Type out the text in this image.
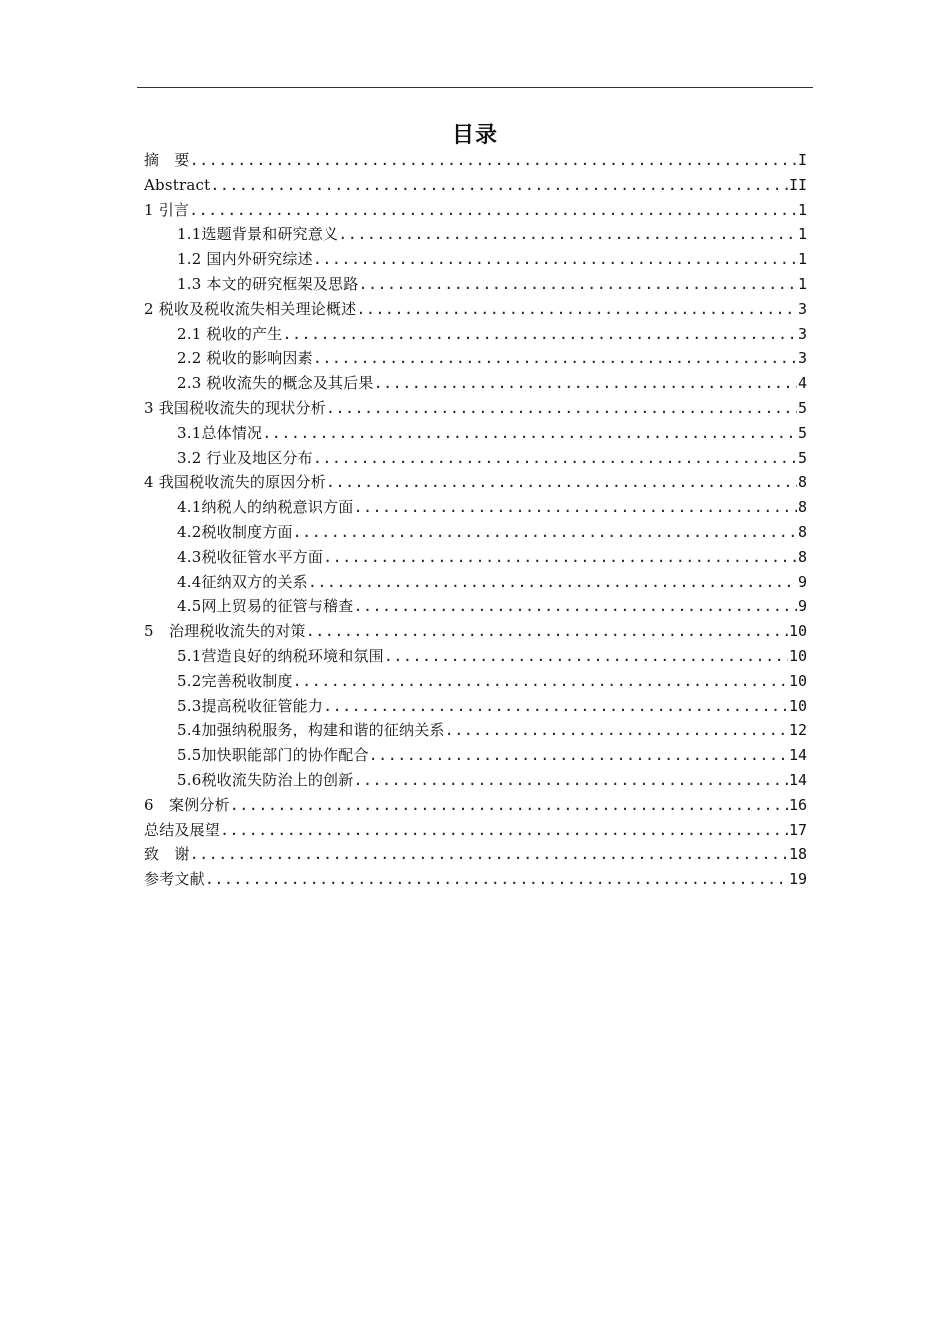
目录
摘　要 .....	I
Abstract .....	II
1 引言 .....	1
1.1选题背景和研究意义 .....	1
1.2 国内外研究综述 .....	1
1.3 本文的研究框架及思路 .....	1
2 税收及税收流失相关理论概述 .....	3
2.1 税收的产生 .....	3
2.2 税收的影响因素 .....	3
2.3 税收流失的概念及其后果 .....	4
3 我国税收流失的现状分析 .....	5
3.1总体情况 .....	5
3.2 行业及地区分布 .....	5
4 我国税收流失的原因分析 .....	8
4.1纳税人的纳税意识方面 .....	8
4.2税收制度方面 .....	8
4.3税收征管水平方面 .....	8
4.4征纳双方的关系 .....	9
4.5网上贸易的征管与稽查 .....	9
5　治理税收流失的对策 .....	10
5.1营造良好的纳税环境和氛围 .....	10
5.2完善税收制度 .....	10
5.3提高税收征管能力 .....	10
5.4加强纳税服务，构建和谐的征纳关系 .....	12
5.5加快职能部门的协作配合 .....	14
5.6税收流失防治上的创新 .....	14
6　案例分析 .....	16
总结及展望 .....	17
致　谢 .....	18
参考文献 .....	19
